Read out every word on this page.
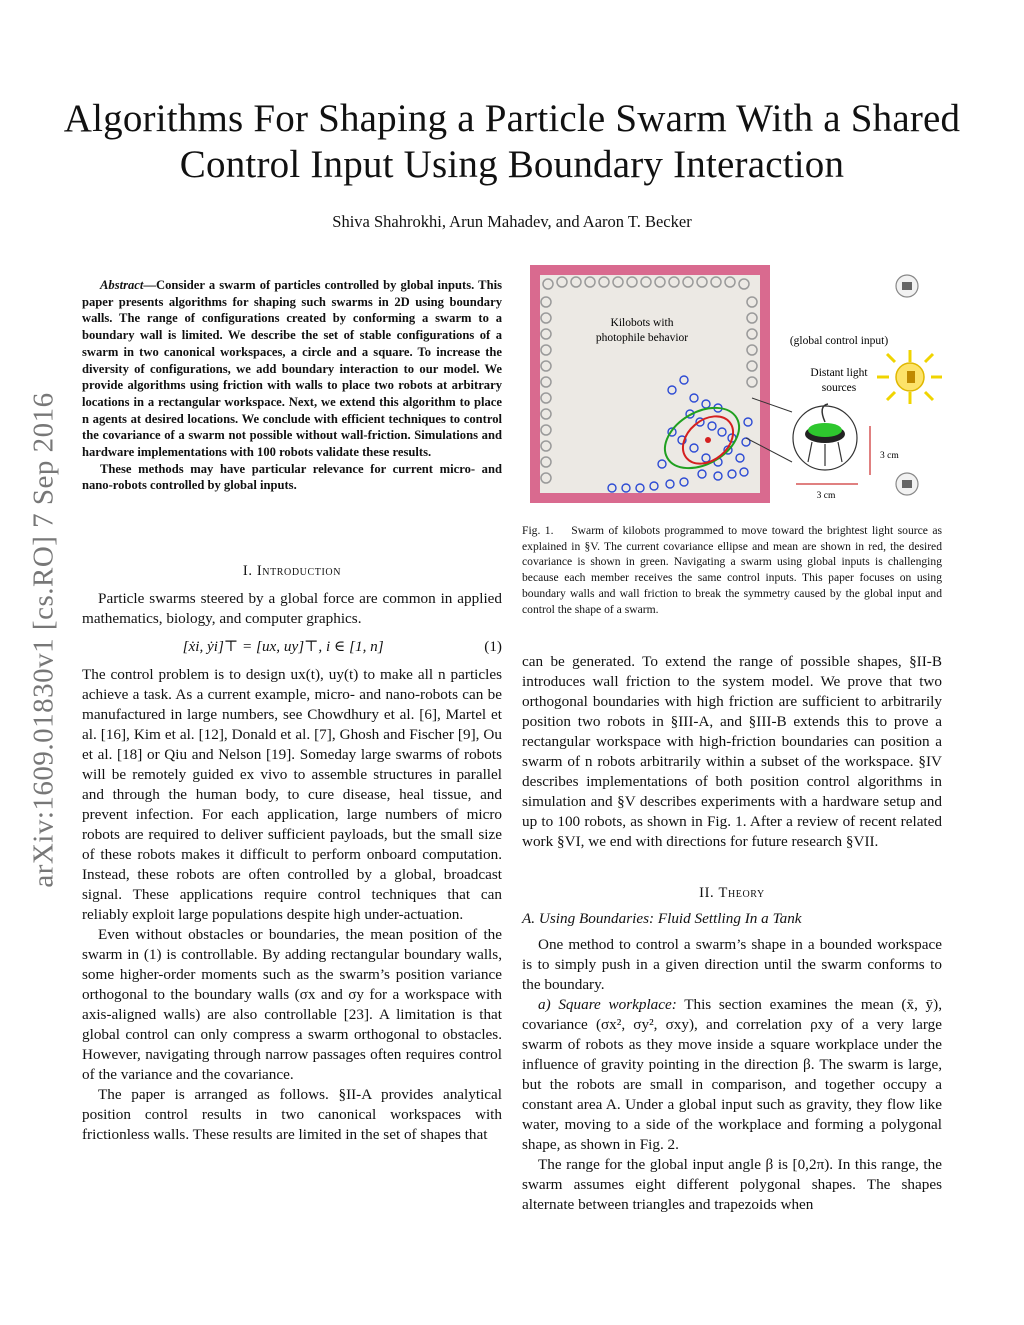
Algorithms For Shaping a Particle Swarm With a Shared Control Input Using Boundary Interaction
Shiva Shahrokhi, Arun Mahadev, and Aaron T. Becker
arXiv:1609.01830v1 [cs.RO] 7 Sep 2016

Abstract—Consider a swarm of particles controlled by global inputs. This paper presents algorithms for shaping such swarms in 2D using boundary walls. The range of configurations created by conforming a swarm to a boundary wall is limited. We describe the set of stable configurations of a swarm in two canonical workspaces, a circle and a square. To increase the diversity of configurations, we add boundary interaction to our model. We provide algorithms using friction with walls to place two robots at arbitrary locations in a rectangular workspace. Next, we extend this algorithm to place n agents at desired locations. We conclude with efficient techniques to control the covariance of a swarm not possible without wall-friction. Simulations and hardware implementations with 100 robots validate these results.

These methods may have particular relevance for current micro- and nano-robots controlled by global inputs.

I. Introduction

Particle swarms steered by a global force are common in applied mathematics, biology, and computer graphics.

[ẋi, ẏi]⊤ = [ux, uy]⊤, i ∈ [1, n]	(1)

The control problem is to design ux(t), uy(t) to make all n particles achieve a task. As a current example, micro- and nano-robots can be manufactured in large numbers, see Chowdhury et al. [6], Martel et al. [16], Kim et al. [12], Donald et al. [7], Ghosh and Fischer [9], Ou et al. [18] or Qiu and Nelson [19]. Someday large swarms of robots will be remotely guided ex vivo to assemble structures in parallel and through the human body, to cure disease, heal tissue, and prevent infection. For each application, large numbers of micro robots are required to deliver sufficient payloads, but the small size of these robots makes it difficult to perform onboard computation. Instead, these robots are often controlled by a global, broadcast signal. These applications require control techniques that can reliably exploit large populations despite high under-actuation.

Even without obstacles or boundaries, the mean position of the swarm in (1) is controllable. By adding rectangular boundary walls, some higher-order moments such as the swarm’s position variance orthogonal to the boundary walls (σx and σy for a workspace with axis-aligned walls) are also controllable [23]. A limitation is that global control can only compress a swarm orthogonal to obstacles. However, navigating through narrow passages often requires control of the variance and the covariance.

The paper is arranged as follows. §II-A provides analytical position control results in two canonical workspaces with frictionless walls. These results are limited in the set of shapes that

Kilobots with
photophile behavior	(global control input)
Distant light
sources
3 cm
3 cm
Fig. 1. Swarm of kilobots programmed to move toward the brightest light source as explained in §V. The current covariance ellipse and mean are shown in red, the desired covariance is shown in green. Navigating a swarm using global inputs is challenging because each member receives the same control inputs. This paper focuses on using boundary walls and wall friction to break the symmetry caused by the global input and control the shape of a swarm.

can be generated. To extend the range of possible shapes, §II-B introduces wall friction to the system model. We prove that two orthogonal boundaries with high friction are sufficient to arbitrarily position two robots in §III-A, and §III-B extends this to prove a rectangular workspace with high-friction boundaries can position a swarm of n robots arbitrarily within a subset of the workspace. §IV describes implementations of both position control algorithms in simulation and §V describes experiments with a hardware setup and up to 100 robots, as shown in Fig. 1. After a review of recent related work §VI, we end with directions for future research §VII.

II. Theory

A. Using Boundaries: Fluid Settling In a Tank

One method to control a swarm’s shape in a bounded workspace is to simply push in a given direction until the swarm conforms to the boundary.

a) Square workplace: This section examines the mean (x̄, ȳ), covariance (σx², σy², σxy), and correlation ρxy of a very large swarm of robots as they move inside a square workplace under the influence of gravity pointing in the direction β. The swarm is large, but the robots are small in comparison, and together occupy a constant area A. Under a global input such as gravity, they flow like water, moving to a side of the workplace and forming a polygonal shape, as shown in Fig. 2.

The range for the global input angle β is [0,2π). In this range, the swarm assumes eight different polygonal shapes. The shapes alternate between triangles and trapezoids when
